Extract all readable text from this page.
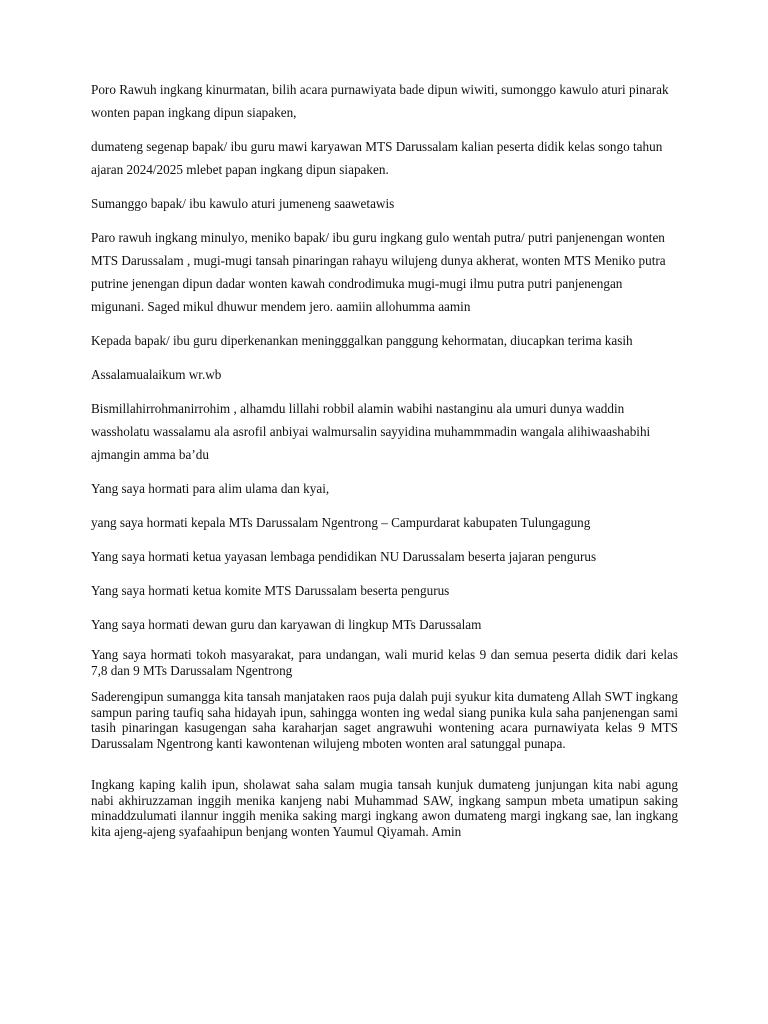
Poro Rawuh ingkang kinurmatan, bilih acara purnawiyata bade dipun wiwiti, sumonggo kawulo aturi pinarak wonten papan ingkang dipun siapaken,

dumateng segenap bapak/ ibu guru mawi karyawan MTS Darussalam kalian peserta didik kelas songo tahun ajaran 2024/2025 mlebet papan ingkang dipun siapaken.

Sumanggo bapak/ ibu kawulo aturi jumeneng saawetawis

Paro rawuh ingkang minulyo, meniko bapak/ ibu guru ingkang gulo wentah putra/ putri panjenengan wonten MTS Darussalam , mugi-mugi tansah pinaringan rahayu wilujeng dunya akherat, wonten MTS Meniko putra putrine jenengan dipun dadar wonten kawah condrodimuka mugi-mugi ilmu putra putri panjenengan migunani. Saged mikul dhuwur mendem jero. aamiin allohumma aamin

Kepada bapak/ ibu guru diperkenankan meningggalkan panggung kehormatan, diucapkan terima kasih

Assalamualaikum wr.wb

Bismillahirrohmanirrohim , alhamdu lillahi robbil alamin wabihi nastanginu ala umuri dunya waddin wassholatu wassalamu ala asrofil anbiyai walmursalin sayyidina muhammmadin wangala alihiwaashabihi ajmangin amma ba’du

Yang saya hormati para alim ulama dan kyai,

yang saya hormati kepala MTs Darussalam Ngentrong – Campurdarat kabupaten Tulungagung

Yang saya hormati ketua yayasan lembaga pendidikan NU Darussalam beserta jajaran pengurus

Yang saya hormati ketua komite MTS Darussalam beserta pengurus

Yang saya hormati dewan guru dan karyawan di lingkup MTs Darussalam

Yang saya hormati tokoh masyarakat, para undangan, wali murid kelas 9 dan semua peserta didik dari kelas 7,8 dan 9 MTs Darussalam Ngentrong

Saderengipun sumangga kita tansah manjataken raos puja dalah puji syukur kita dumateng Allah SWT ingkang sampun paring taufiq saha hidayah ipun, sahingga wonten ing wedal siang punika kula saha panjenengan sami tasih pinaringan kasugengan saha karaharjan saget angrawuhi wontening acara purnawiyata kelas 9 MTS Darussalam Ngentrong kanti kawontenan wilujeng mboten wonten aral satunggal punapa.

Ingkang kaping kalih ipun, sholawat saha salam mugia tansah kunjuk dumateng junjungan kita nabi agung nabi akhiruzzaman inggih menika kanjeng nabi Muhammad SAW, ingkang sampun mbeta umatipun saking minaddzulumati ilannur inggih menika saking margi ingkang awon dumateng margi ingkang sae, lan ingkang kita ajeng-ajeng syafaahipun benjang wonten Yaumul Qiyamah. Amin
